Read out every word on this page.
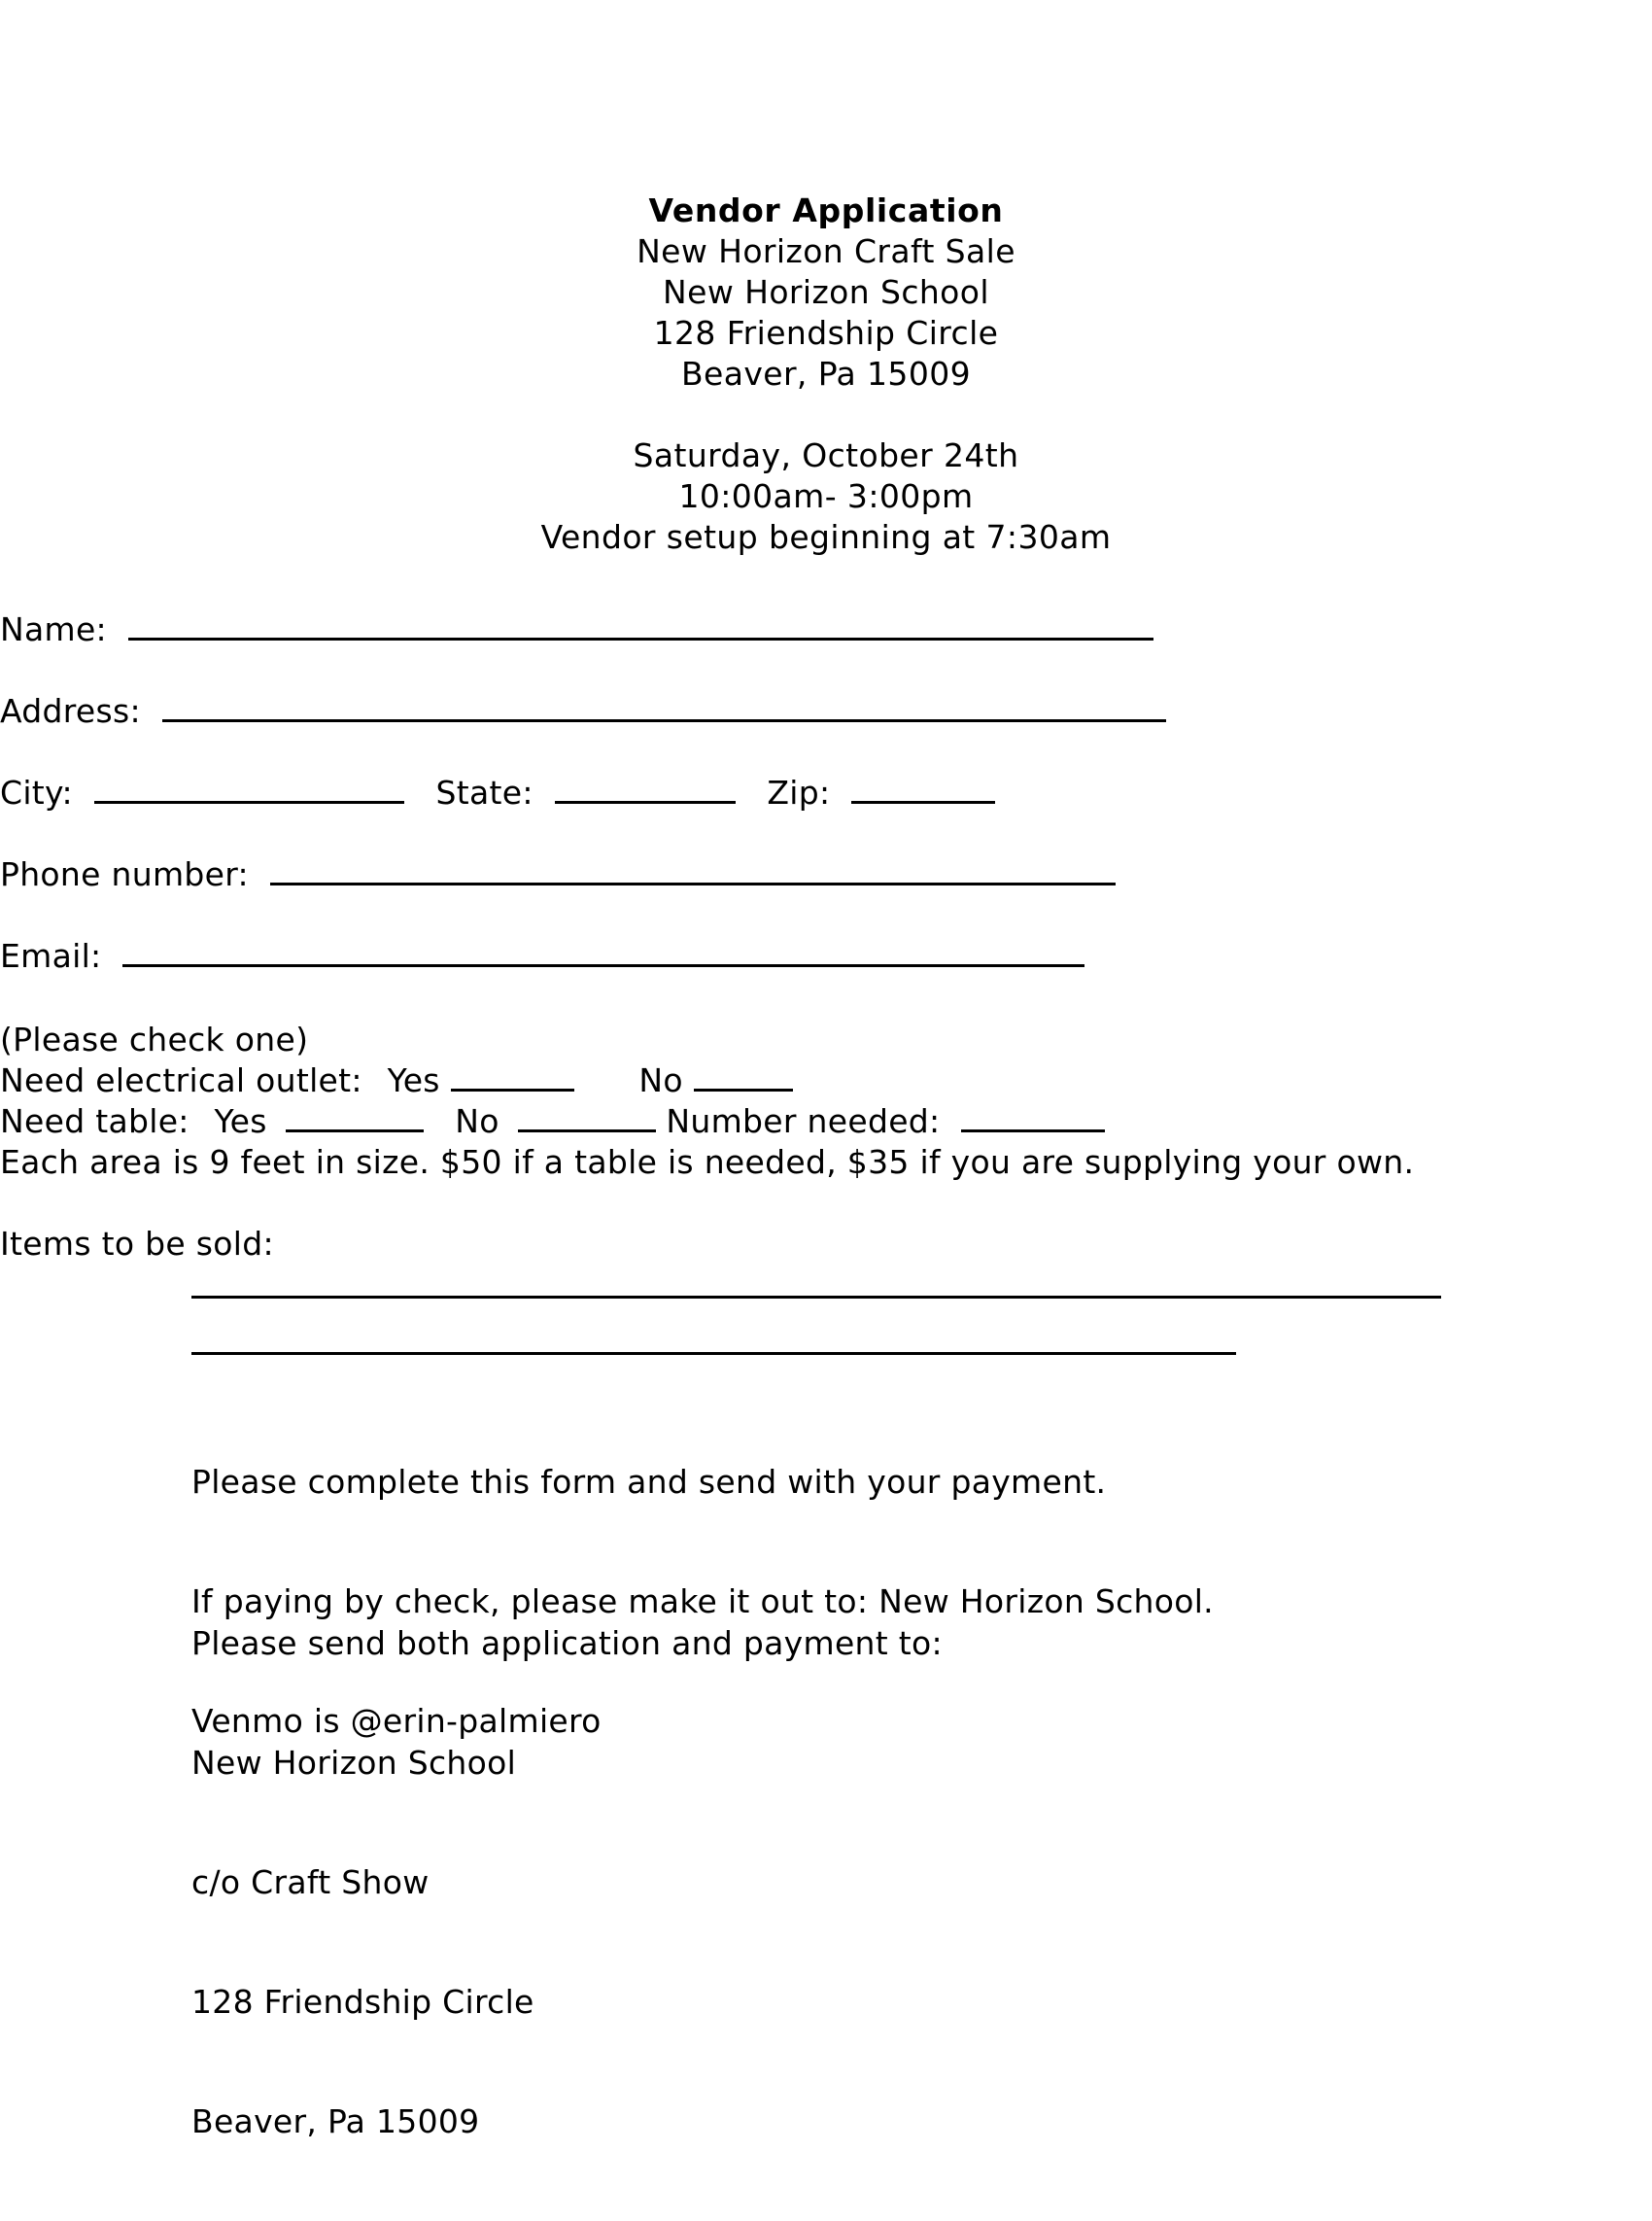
Vendor Application
New Horizon Craft Sale
New Horizon School
128 Friendship Circle
Beaver, Pa 15009
Saturday, October 24th
10:00am- 3:00pm
Vendor setup beginning at 7:30am
Name:
Address:
City:	State:	Zip:
Phone number:
Email:
(Please check one)
Need electrical outlet: Yes	No
Need table: Yes	No	Number needed:
Each area is 9 feet in size. $50 if a table is needed, $35 if you are supplying your own.
Items to be sold:

Please complete this form and send with your payment.

If paying by check, please make it out to: New Horizon School.

Venmo is @erin-palmiero

Please send both application and payment to:

New Horizon School

c/o Craft Show

128 Friendship Circle

Beaver, Pa 15009
